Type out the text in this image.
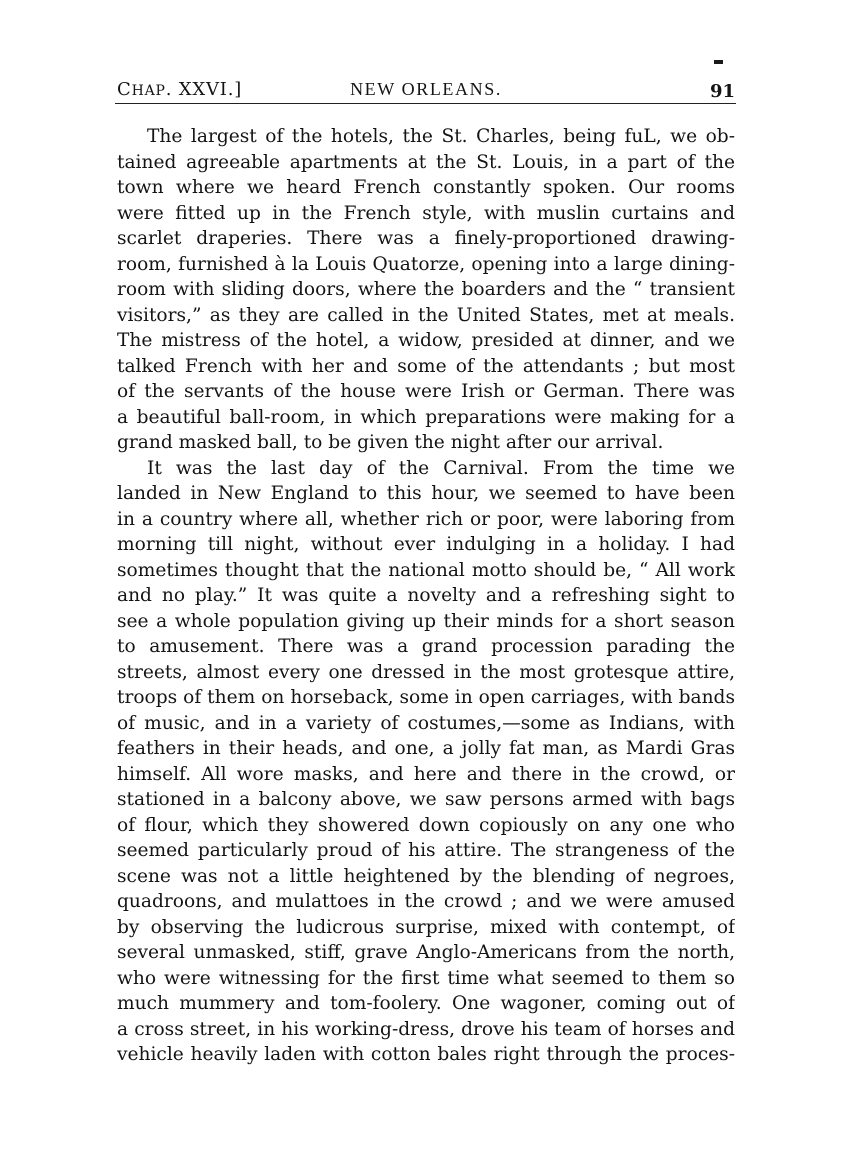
CHAP. XXVI.]	NEW ORLEANS.	91
The largest of the hotels, the St. Charles, being fuL, we ob-
tained agreeable apartments at the St. Louis, in a part of the
town where we heard French constantly spoken. Our rooms
were fitted up in the French style, with muslin curtains and
scarlet draperies. There was a finely-proportioned drawing-
room, furnished à la Louis Quatorze, opening into a large dining-
room with sliding doors, where the boarders and the “ transient
visitors,” as they are called in the United States, met at meals.
The mistress of the hotel, a widow, presided at dinner, and we
talked French with her and some of the attendants ; but most
of the servants of the house were Irish or German. There was
a beautiful ball-room, in which preparations were making for a
grand masked ball, to be given the night after our arrival.
It was the last day of the Carnival. From the time we
landed in New England to this hour, we seemed to have been
in a country where all, whether rich or poor, were laboring from
morning till night, without ever indulging in a holiday. I had
sometimes thought that the national motto should be, “ All work
and no play.” It was quite a novelty and a refreshing sight to
see a whole population giving up their minds for a short season
to amusement. There was a grand procession parading the
streets, almost every one dressed in the most grotesque attire,
troops of them on horseback, some in open carriages, with bands
of music, and in a variety of costumes,—some as Indians, with
feathers in their heads, and one, a jolly fat man, as Mardi Gras
himself. All wore masks, and here and there in the crowd, or
stationed in a balcony above, we saw persons armed with bags
of flour, which they showered down copiously on any one who
seemed particularly proud of his attire. The strangeness of the
scene was not a little heightened by the blending of negroes,
quadroons, and mulattoes in the crowd ; and we were amused
by observing the ludicrous surprise, mixed with contempt, of
several unmasked, stiff, grave Anglo-Americans from the north,
who were witnessing for the first time what seemed to them so
much mummery and tom-foolery. One wagoner, coming out of
a cross street, in his working-dress, drove his team of horses and
vehicle heavily laden with cotton bales right through the proces-
